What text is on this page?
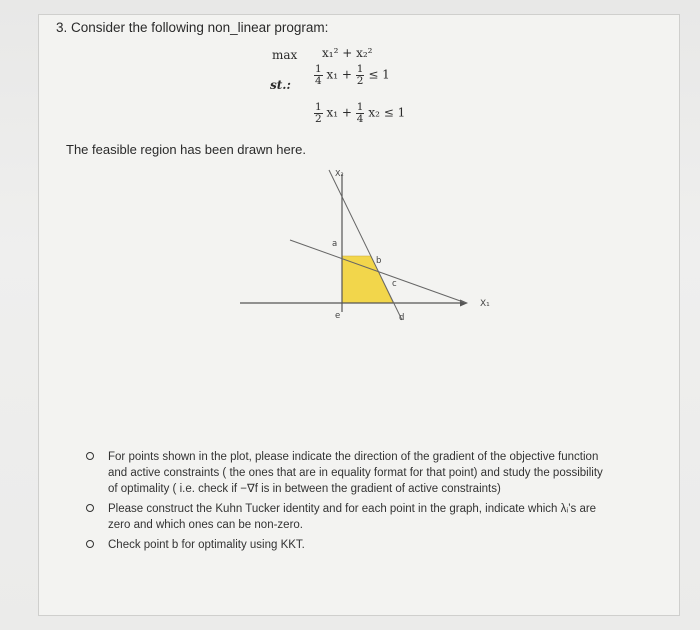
3. Consider the following non_linear program:
max x₁² + x₂²
st.: $\frac{1}{4} x_1 + \frac{1}{2} \le 1$
$\frac{1}{2} x_1 + \frac{1}{4} x_2 \le 1$
The feasible region has been drawn here.
X₂
X₁
a
b
c
d
e
For points shown in the plot, please indicate the direction of the gradient of the objective function and active constraints ( the ones that are in equality format for that point) and study the possibility of optimality ( i.e. check if −∇f is in between the gradient of active constraints)
Please construct the Kuhn Tucker identity and for each point in the graph, indicate which λᵢ’s are zero and which ones can be non-zero.
Check point b for optimality using KKT.
